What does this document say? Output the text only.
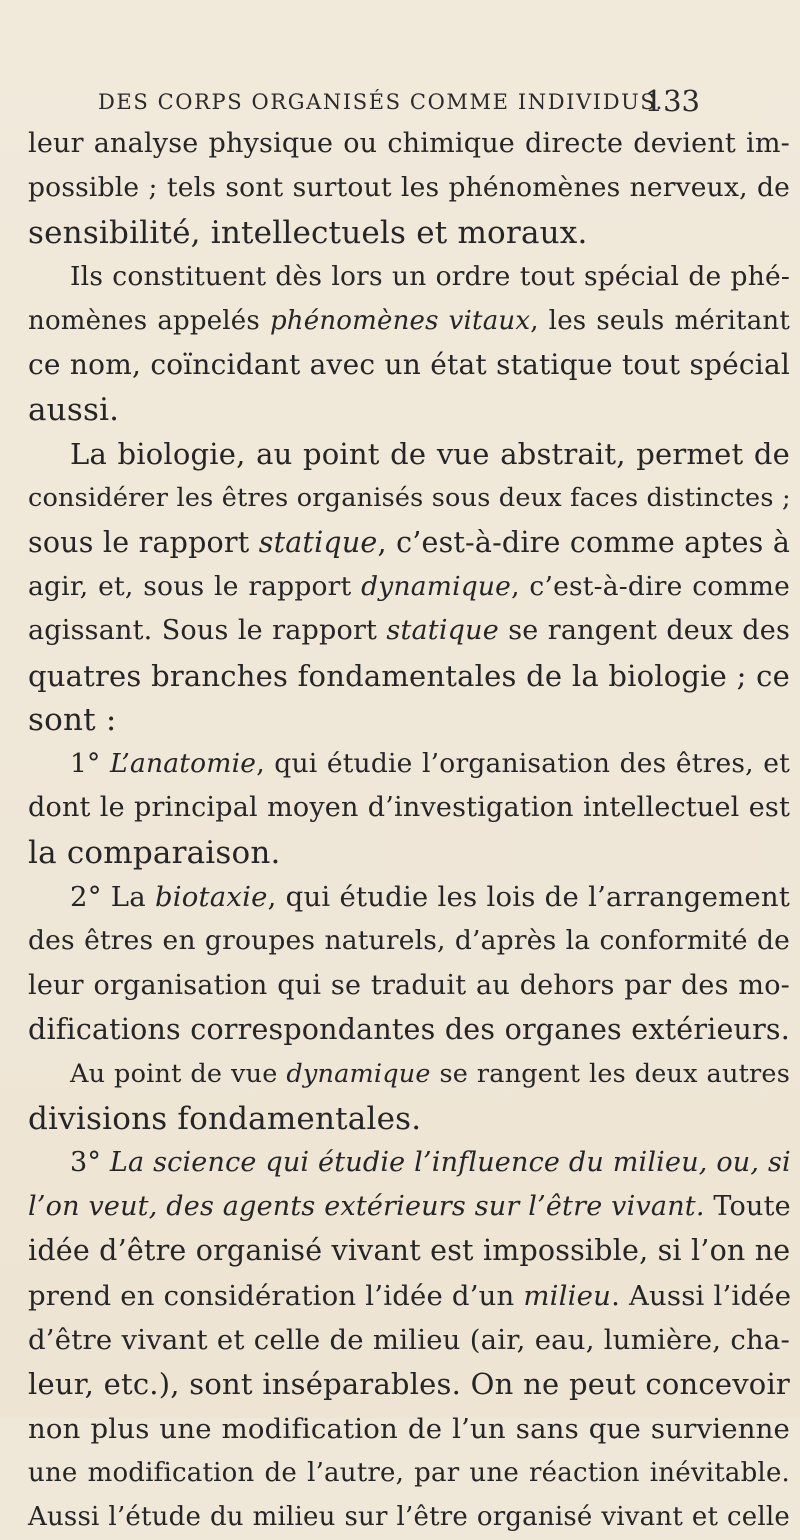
DES CORPS ORGANISÉS COMME INDIVIDUS.
133
leur analyse physique ou chimique directe devient im-
possible ; tels sont surtout les phénomènes nerveux, de
sensibilité, intellectuels et moraux.
Ils constituent dès lors un ordre tout spécial de phé-
nomènes appelés phénomènes vitaux, les seuls méritant
ce nom, coïncidant avec un état statique tout spécial
aussi.
La biologie, au point de vue abstrait, permet de
considérer les êtres organisés sous deux faces distinctes ;
sous le rapport statique, c’est-à-dire comme aptes à
agir, et, sous le rapport dynamique, c’est-à-dire comme
agissant. Sous le rapport statique se rangent deux des
quatres branches fondamentales de la biologie ; ce
sont :
1° L’anatomie, qui étudie l’organisation des êtres, et
dont le principal moyen d’investigation intellectuel est
la comparaison.
2° La biotaxie, qui étudie les lois de l’arrangement
des êtres en groupes naturels, d’après la conformité de
leur organisation qui se traduit au dehors par des mo-
difications correspondantes des organes extérieurs.
Au point de vue dynamique se rangent les deux autres
divisions fondamentales.
3° La science qui étudie l’influence du milieu, ou, si
l’on veut, des agents extérieurs sur l’être vivant. Toute
idée d’être organisé vivant est impossible, si l’on ne
prend en considération l’idée d’un milieu. Aussi l’idée
d’être vivant et celle de milieu (air, eau, lumière, cha-
leur, etc.), sont inséparables. On ne peut concevoir
non plus une modification de l’un sans que survienne
une modification de l’autre, par une réaction inévitable.
Aussi l’étude du milieu sur l’être organisé vivant et celle
